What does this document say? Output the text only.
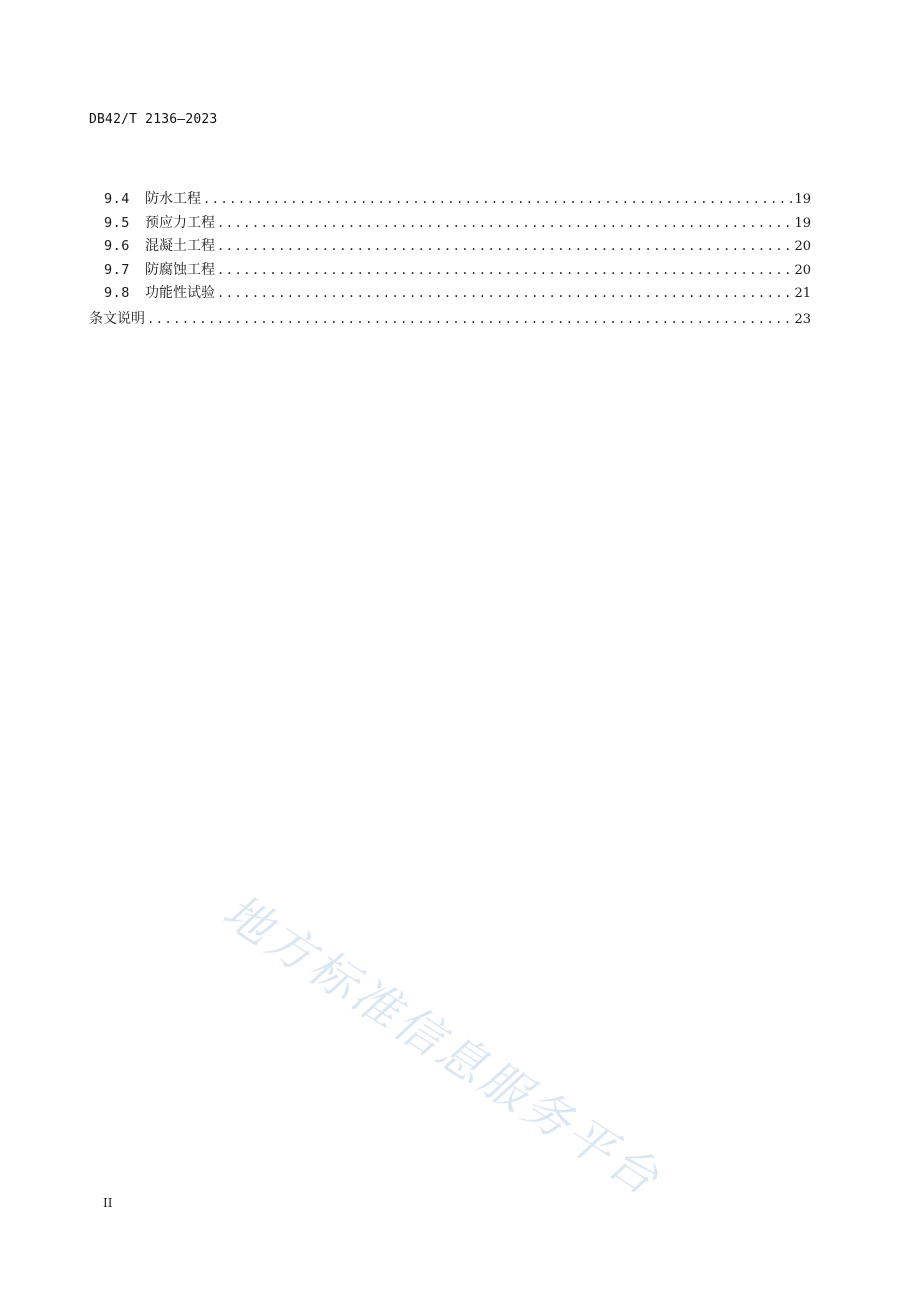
DB42/T 2136—2023
9.4	防水工程 .....	19
9.5	预应力工程 .....	19
9.6	混凝土工程 .....	20
9.7	防腐蚀工程 .....	20
9.8	功能性试验 .....	21
条文说明 .....	23
地方标准信息服务平台
II
